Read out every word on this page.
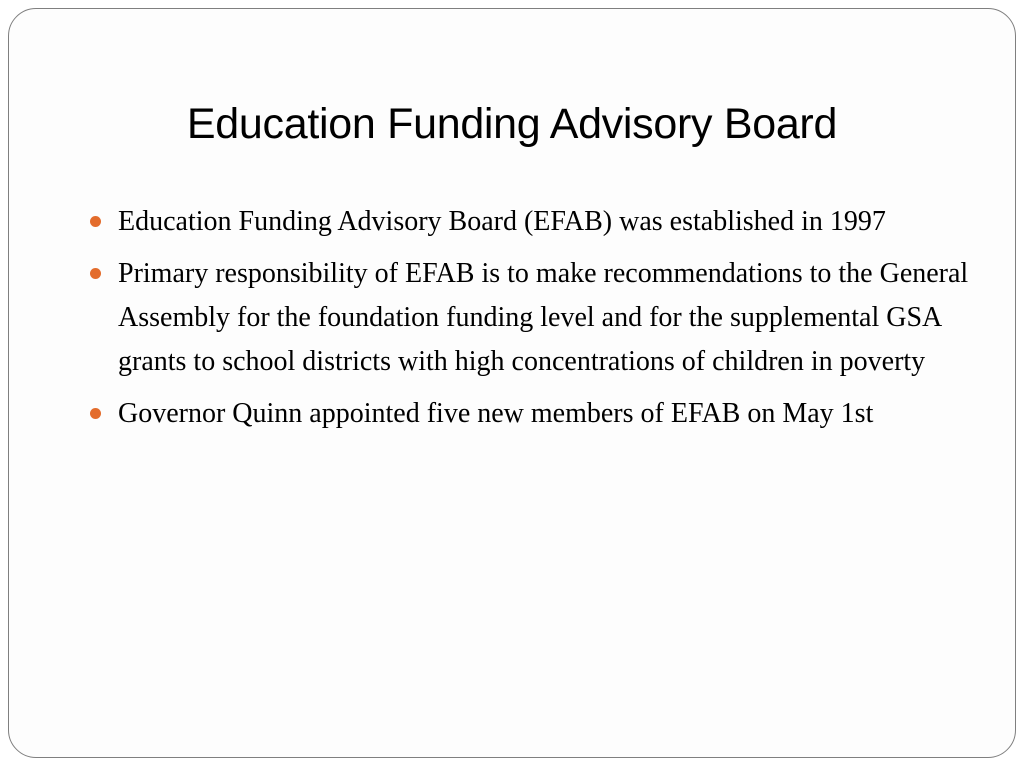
Education Funding Advisory Board
Education Funding Advisory Board (EFAB) was established in 1997
Primary responsibility of EFAB is to make recommendations to the General Assembly for the foundation funding level and for the supplemental GSA grants to school districts with high concentrations of children in poverty
Governor Quinn appointed five new members of EFAB on May 1st
